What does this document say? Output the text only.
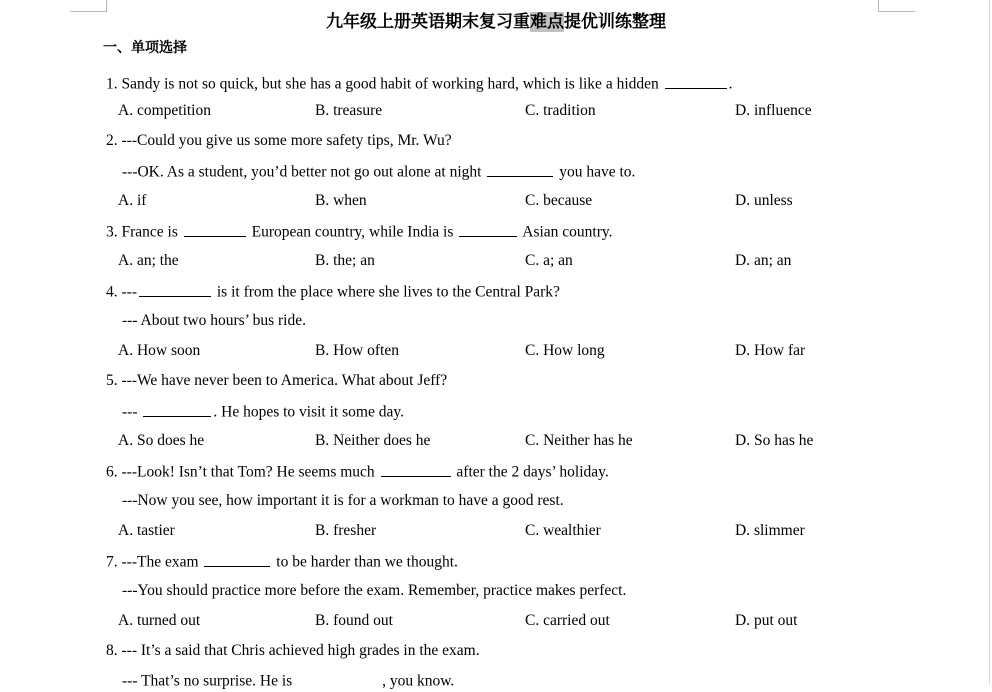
九年级上册英语期末复习重难点提优训练整理
一、单项选择
1. Sandy is not so quick, but she has a good habit of working hard, which is like a hidden	.
A. competition	B. treasure	C. tradition	D. influence
2. ---Could you give us some more safety tips, Mr. Wu?
---OK. As a student, you’d better not go out alone at night	you have to.
A. if	B. when	C. because	D. unless
3. France is	European country, while India is	Asian country.
A. an; the	B. the; an	C. a; an	D. an; an
4. ---	is it from the place where she lives to the Central Park?
--- About two hours’ bus ride.
A. How soon	B. How often	C. How long	D. How far
5. ---We have never been to America. What about Jeff?
---	. He hopes to visit it some day.
A. So does he	B. Neither does he	C. Neither has he	D. So has he
6. ---Look! Isn’t that Tom? He seems much	after the 2 days’ holiday.
---Now you see, how important it is for a workman to have a good rest.
A. tastier	B. fresher	C. wealthier	D. slimmer
7. ---The exam	to be harder than we thought.
---You should practice more before the exam. Remember, practice makes perfect.
A. turned out	B. found out	C. carried out	D. put out
8. --- It’s a said that Chris achieved high grades in the exam.
--- That’s no surprise. He is	, you know.
